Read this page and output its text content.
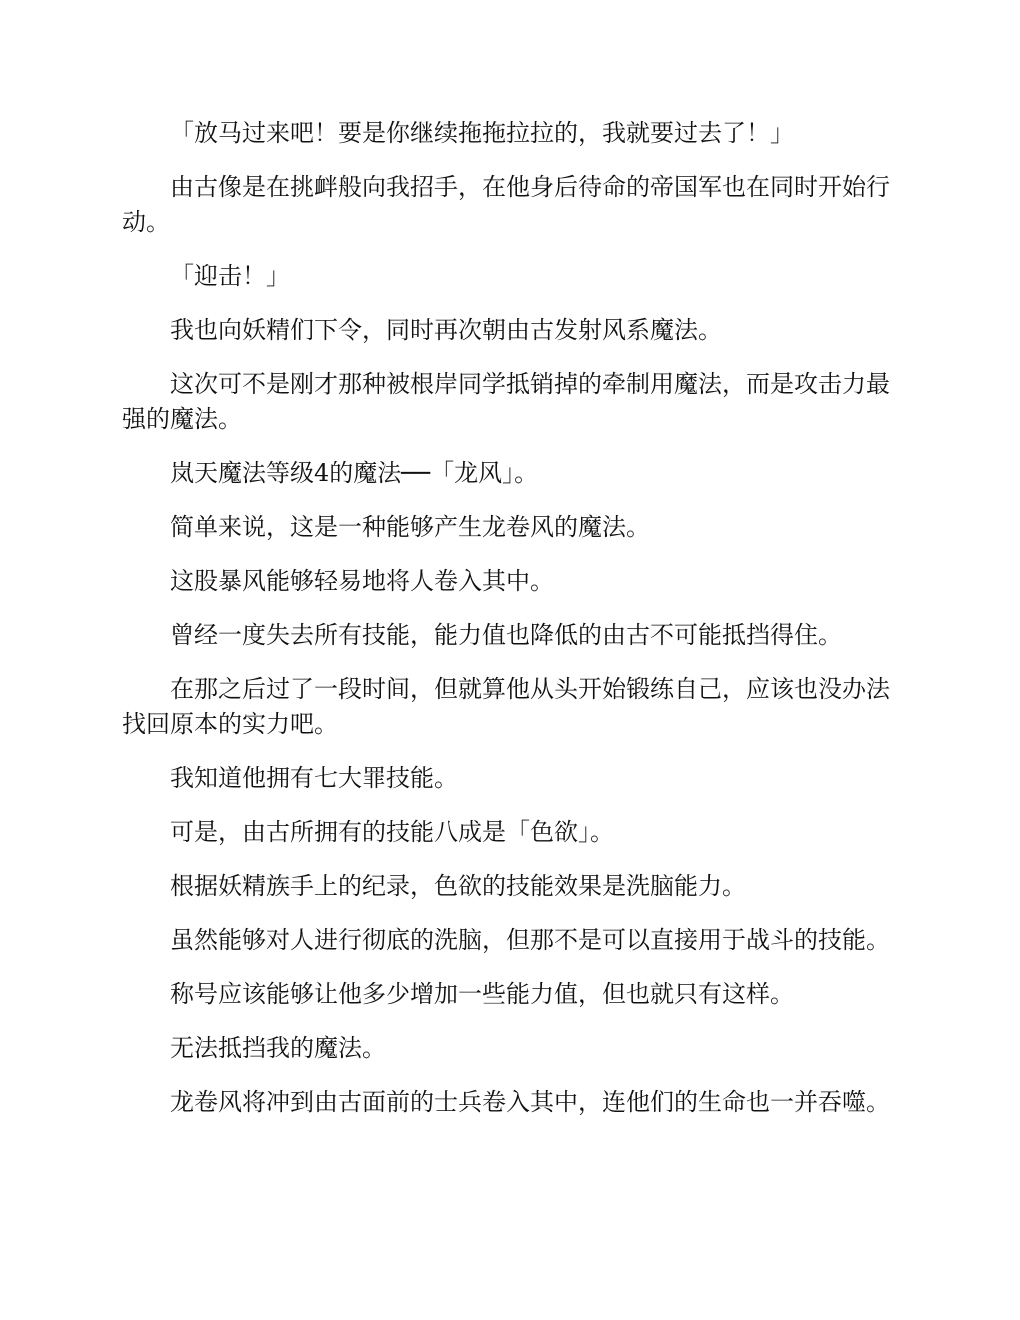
「放马过来吧！要是你继续拖拖拉拉的，我就要过去了！」

由古像是在挑衅般向我招手，在他身后待命的帝国军也在同时开始行动。

「迎击！」

我也向妖精们下令，同时再次朝由古发射风系魔法。

这次可不是刚才那种被根岸同学抵销掉的牵制用魔法，而是攻击力最强的魔法。

岚天魔法等级4的魔法──「龙风」。

简单来说，这是一种能够产生龙卷风的魔法。

这股暴风能够轻易地将人卷入其中。

曾经一度失去所有技能，能力值也降低的由古不可能抵挡得住。

在那之后过了一段时间，但就算他从头开始锻练自己，应该也没办法找回原本的实力吧。

我知道他拥有七大罪技能。

可是，由古所拥有的技能八成是「色欲」。

根据妖精族手上的纪录，色欲的技能效果是洗脑能力。

虽然能够对人进行彻底的洗脑，但那不是可以直接用于战斗的技能。

称号应该能够让他多少增加一些能力值，但也就只有这样。

无法抵挡我的魔法。

龙卷风将冲到由古面前的士兵卷入其中，连他们的生命也一并吞噬。
